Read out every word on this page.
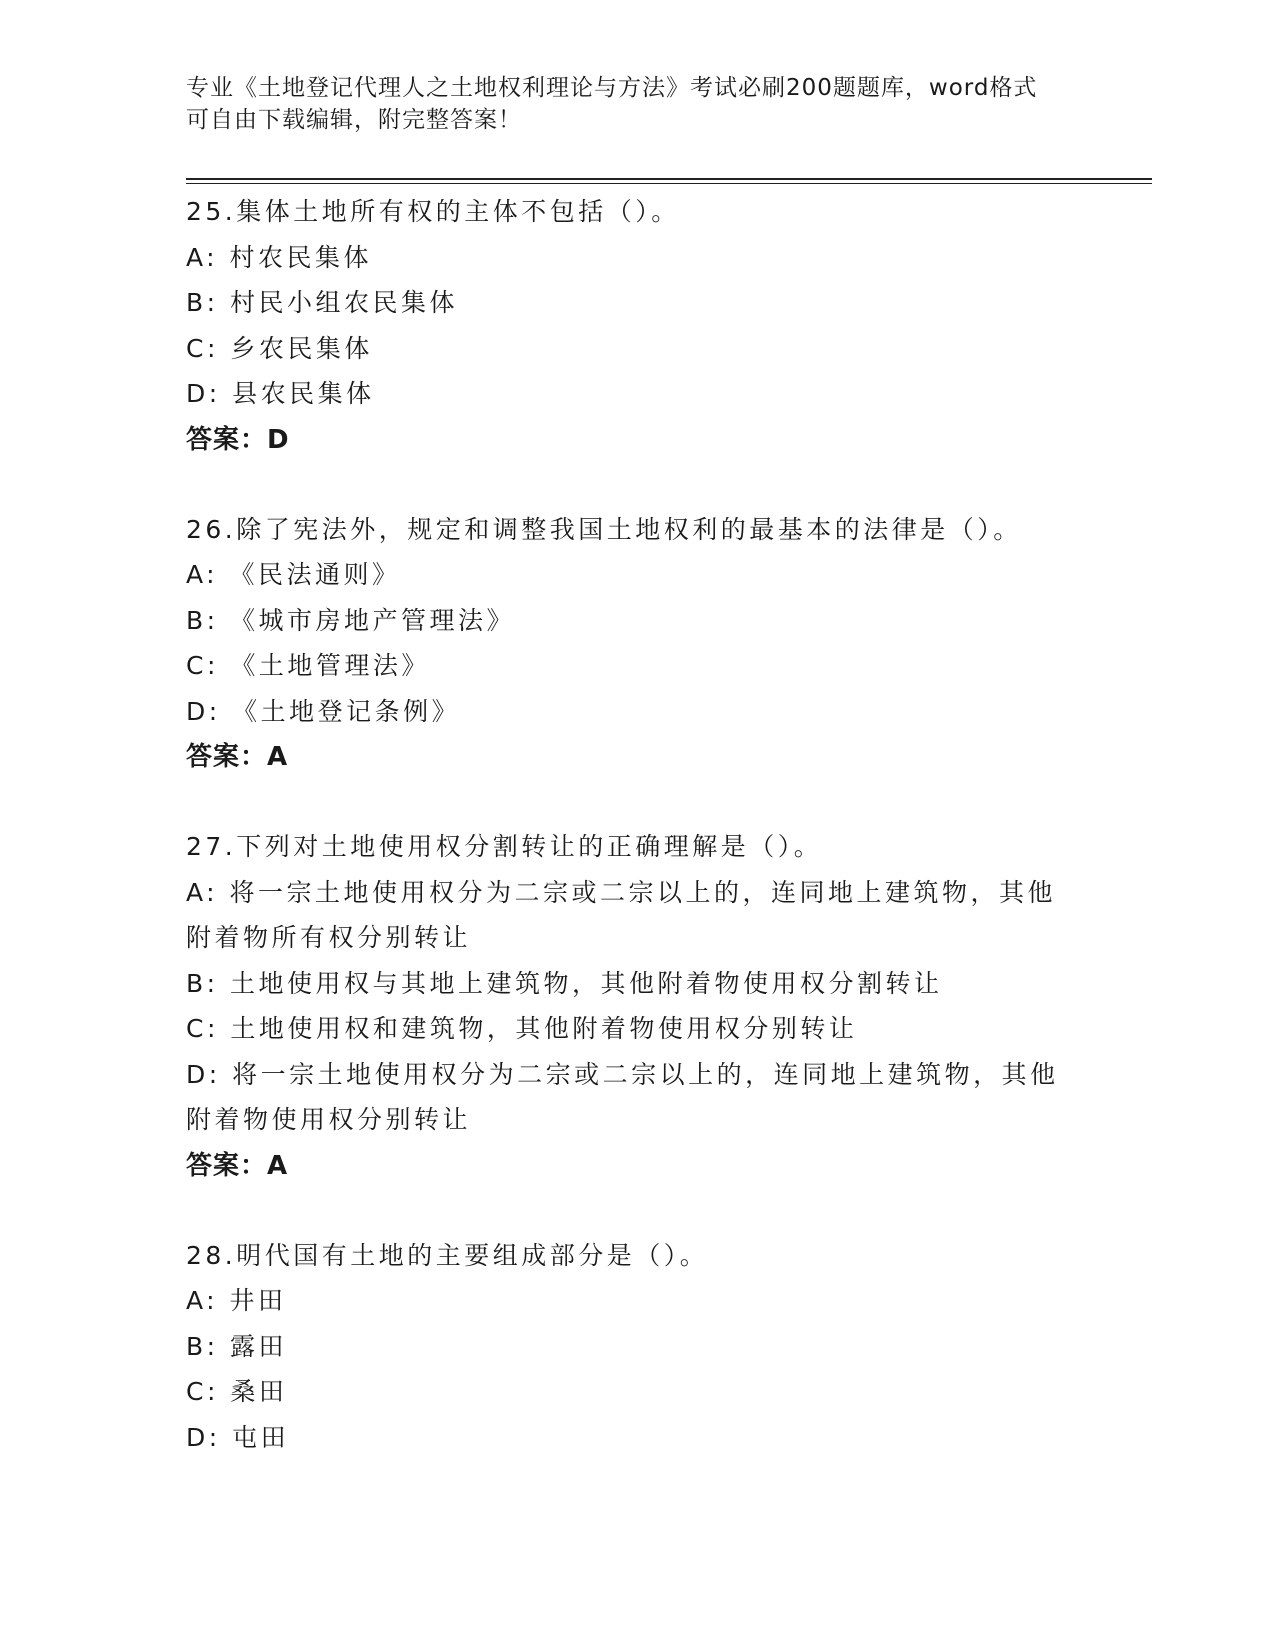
专业《土地登记代理人之土地权利理论与方法》考试必刷200题题库，word格式
可自由下载编辑，附完整答案！
25.集体土地所有权的主体不包括（）。
A: 村农民集体
B: 村民小组农民集体
C: 乡农民集体
D: 县农民集体
答案：D
26.除了宪法外，规定和调整我国土地权利的最基本的法律是（）。
A: 《民法通则》
B: 《城市房地产管理法》
C: 《土地管理法》
D: 《土地登记条例》
答案：A
27.下列对土地使用权分割转让的正确理解是（）。
A: 将一宗土地使用权分为二宗或二宗以上的，连同地上建筑物，其他
附着物所有权分别转让
B: 土地使用权与其地上建筑物，其他附着物使用权分割转让
C: 土地使用权和建筑物，其他附着物使用权分别转让
D: 将一宗土地使用权分为二宗或二宗以上的，连同地上建筑物，其他
附着物使用权分别转让
答案：A
28.明代国有土地的主要组成部分是（）。
A: 井田
B: 露田
C: 桑田
D: 屯田
